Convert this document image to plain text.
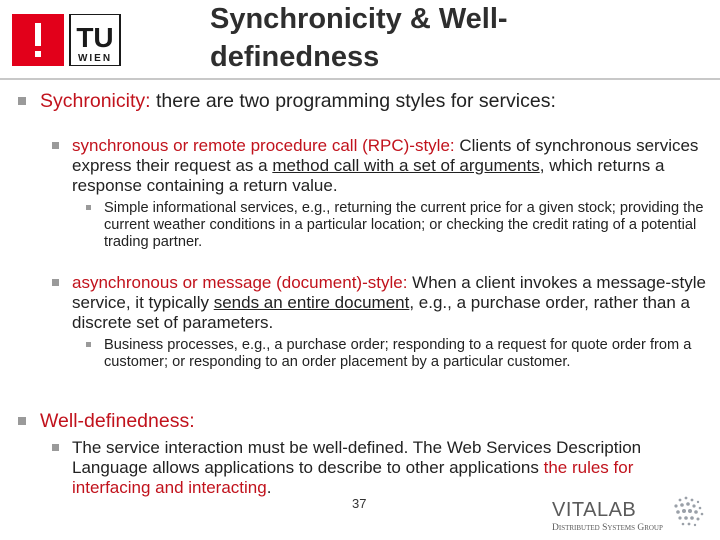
TU
WIEN
Synchronicity & Well-
definedness
Sychronicity: there are two programming styles for services:
synchronous or remote procedure call (RPC)-style: Clients of synchronous services express their request as a method call with a set of arguments, which returns a response containing a return value.
Simple informational services, e.g., returning the current price for a given stock; providing the current weather conditions in a particular location; or checking the credit rating of a potential trading partner.
asynchronous or message (document)-style: When a client invokes a message-style service, it typically sends an entire document, e.g., a purchase order, rather than a discrete set of parameters.
Business processes, e.g., a purchase order; responding to a request for quote order from a customer; or responding to an order placement by a particular customer.
Well-definedness:
The service interaction must be well-defined. The Web Services Description Language allows applications to describe to other applications the rules for interfacing and interacting.
37	VITALAB
Distributed Systems Group
